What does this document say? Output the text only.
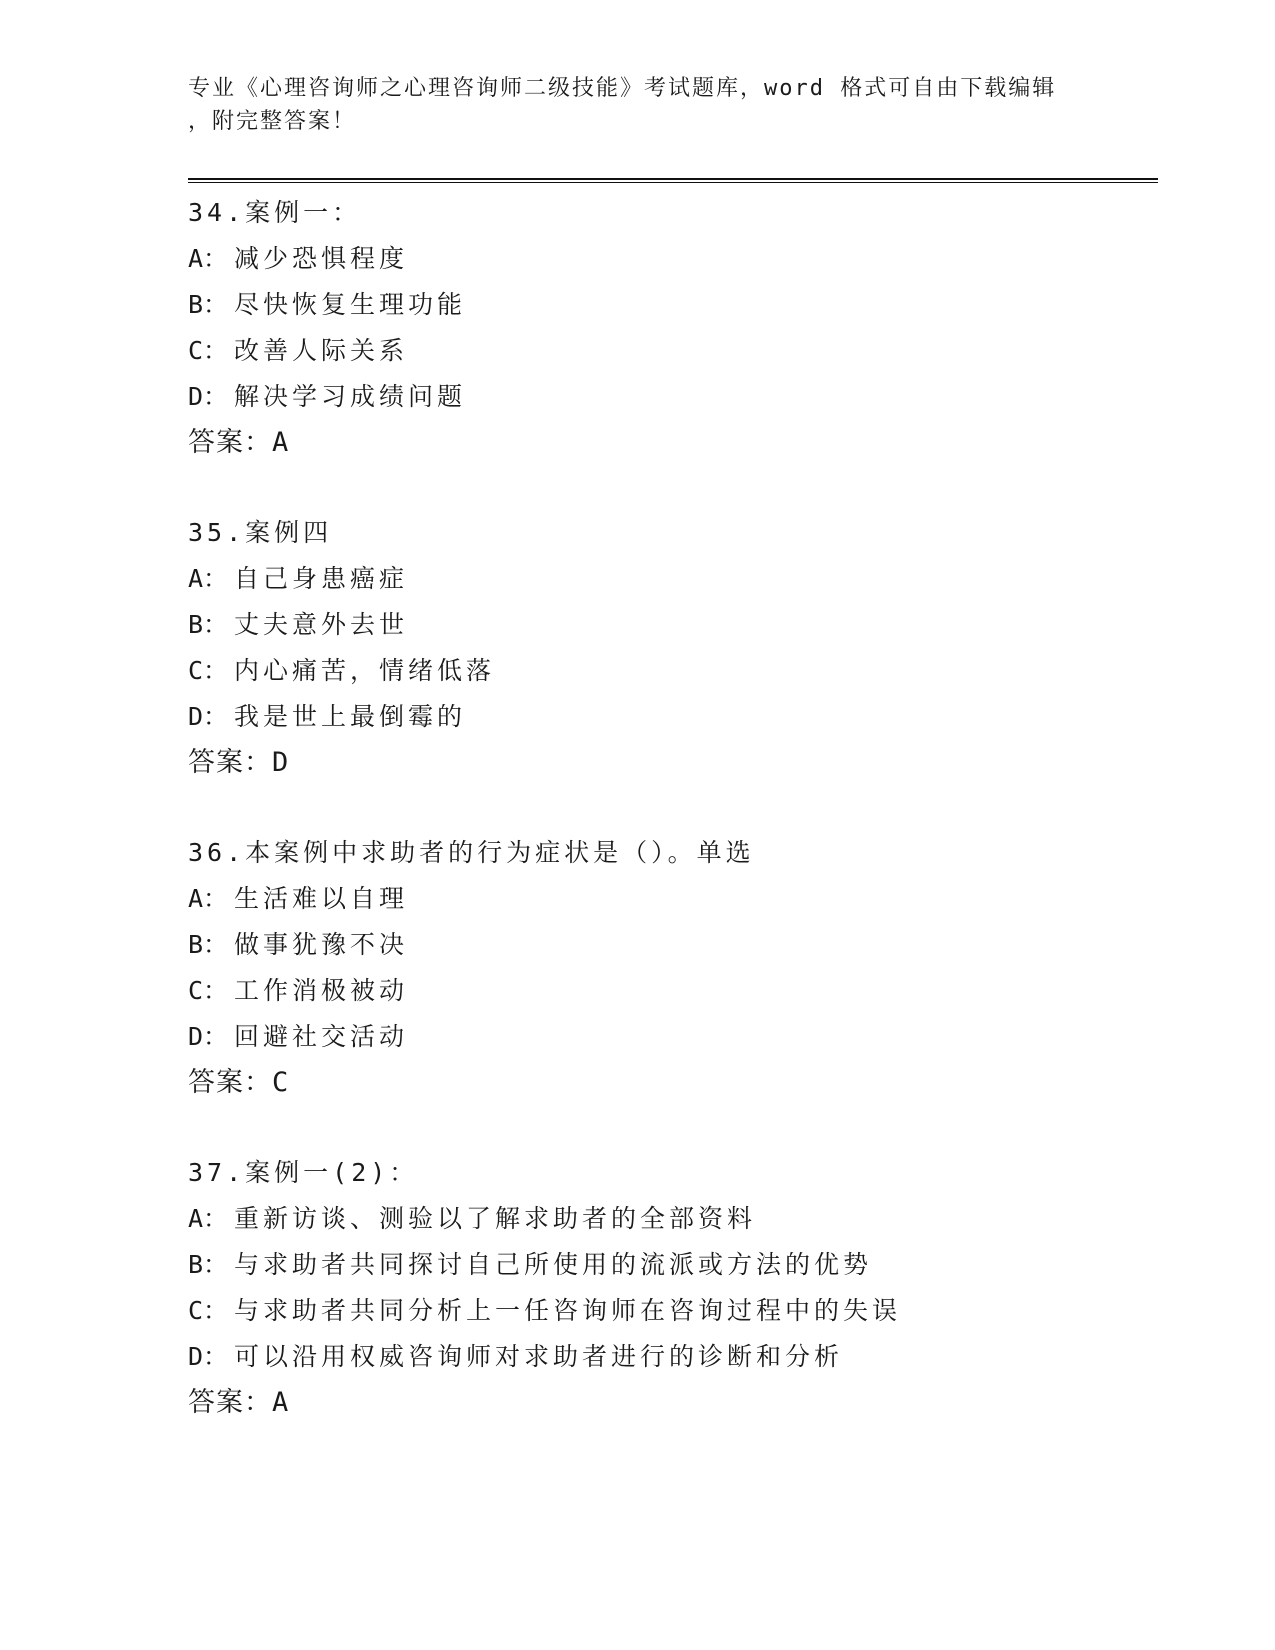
专业《心理咨询师之心理咨询师二级技能》考试题库，word 格式可自由下载编辑
，附完整答案！
34.案例一：
A： 减少恐惧程度
B： 尽快恢复生理功能
C： 改善人际关系
D： 解决学习成绩问题
答案：A
35.案例四
A： 自己身患癌症
B： 丈夫意外去世
C： 内心痛苦，情绪低落
D： 我是世上最倒霉的
答案：D
36.本案例中求助者的行为症状是（）。单选
A： 生活难以自理
B： 做事犹豫不决
C： 工作消极被动
D： 回避社交活动
答案：C
37.案例一(2)：
A： 重新访谈、测验以了解求助者的全部资料
B： 与求助者共同探讨自己所使用的流派或方法的优势
C： 与求助者共同分析上一任咨询师在咨询过程中的失误
D： 可以沿用权威咨询师对求助者进行的诊断和分析
答案：A
